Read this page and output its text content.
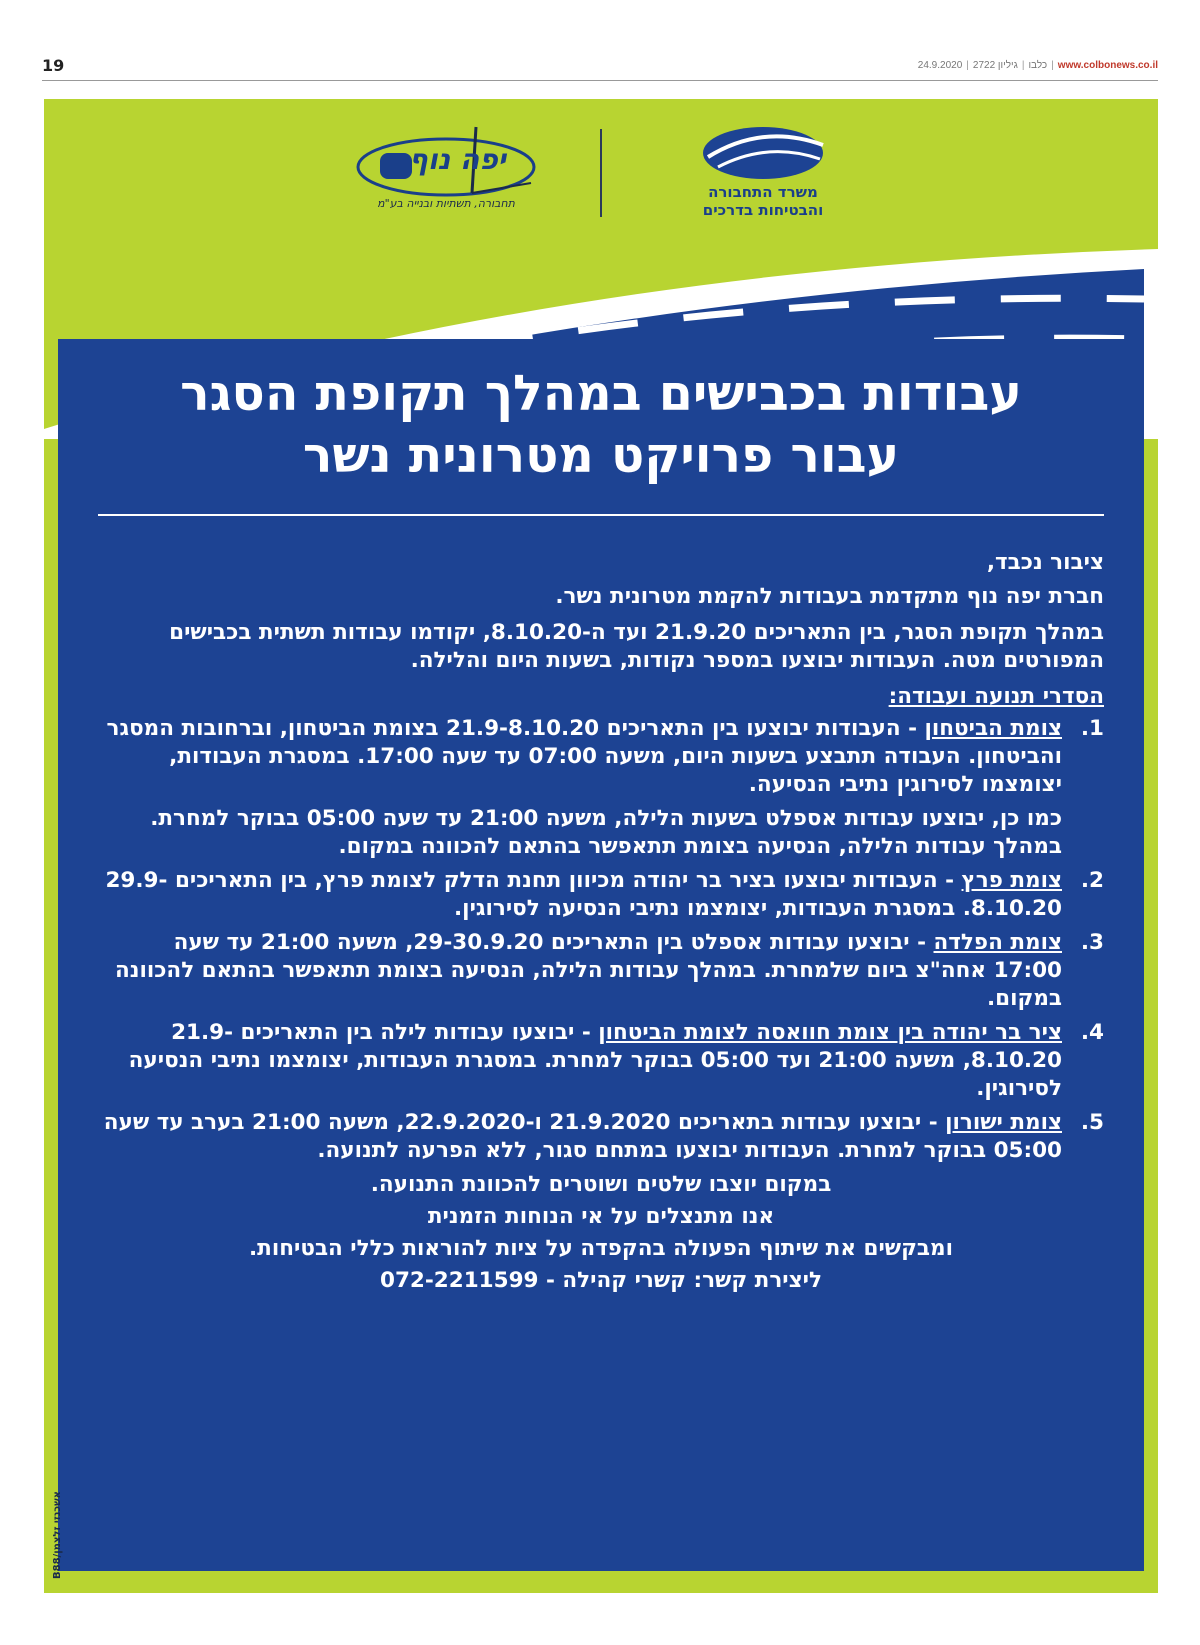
19	www.colbonews.co.il|כלבו|גיליון 2722|24.9.2020
יפה נוף
תחבורה, תשתיות ובנייה בע"מ
משרד התחבורה
והבטיחות בדרכים
עבודות בכבישים במהלך תקופת הסגר
עבור פרויקט מטרונית נשר

ציבור נכבד,

חברת יפה נוף מתקדמת בעבודות להקמת מטרונית נשר.

במהלך תקופת הסגר, בין התאריכים 21.9.20 ועד ה-8.10.20, יקודמו עבודות תשתית בכבישים המפורטים מטה. העבודות יבוצעו במספר נקודות, בשעות היום והלילה.

הסדרי תנועה ועבודה:

1.
צומת הביטחון - העבודות יבוצעו בין התאריכים 21.9-8.10.20 בצומת הביטחון, וברחובות המסגר והביטחון. העבודה תתבצע בשעות היום, משעה 07:00 עד שעה 17:00. במסגרת העבודות, יצומצמו לסירוגין נתיבי הנסיעה.
כמו כן, יבוצעו עבודות אספלט בשעות הלילה, משעה 21:00 עד שעה 05:00 בבוקר למחרת. במהלך עבודות הלילה, הנסיעה בצומת תתאפשר בהתאם להכוונה במקום.
2.
צומת פרץ - העבודות יבוצעו בציר בר יהודה מכיוון תחנת הדלק לצומת פרץ, בין התאריכים 29.9-8.10.20. במסגרת העבודות, יצומצמו נתיבי הנסיעה לסירוגין.
3.
צומת הפלדה - יבוצעו עבודות אספלט בין התאריכים 29-30.9.20, משעה 21:00 עד שעה 17:00 אחה"צ ביום שלמחרת. במהלך עבודות הלילה, הנסיעה בצומת תתאפשר בהתאם להכוונה במקום.
4.
ציר בר יהודה בין צומת חוואסה לצומת הביטחון - יבוצעו עבודות לילה בין התאריכים 21.9-8.10.20, משעה 21:00 ועד 05:00 בבוקר למחרת. במסגרת העבודות, יצומצמו נתיבי הנסיעה לסירוגין.
5.
צומת ישורון - יבוצעו עבודות בתאריכים 21.9.2020 ו-22.9.2020, משעה 21:00 בערב עד שעה 05:00 בבוקר למחרת. העבודות יבוצעו במתחם סגור, ללא הפרעה לתנועה.

במקום יוצבו שלטים ושוטרים להכוונת התנועה.

אנו מתנצלים על אי הנוחות הזמנית

ומבקשים את שיתוף הפעולה בהקפדה על ציות להוראות כללי הבטיחות.

ליצירת קשר: קשרי קהילה - 072-2211599

אשכנזי זלצמן/B88
